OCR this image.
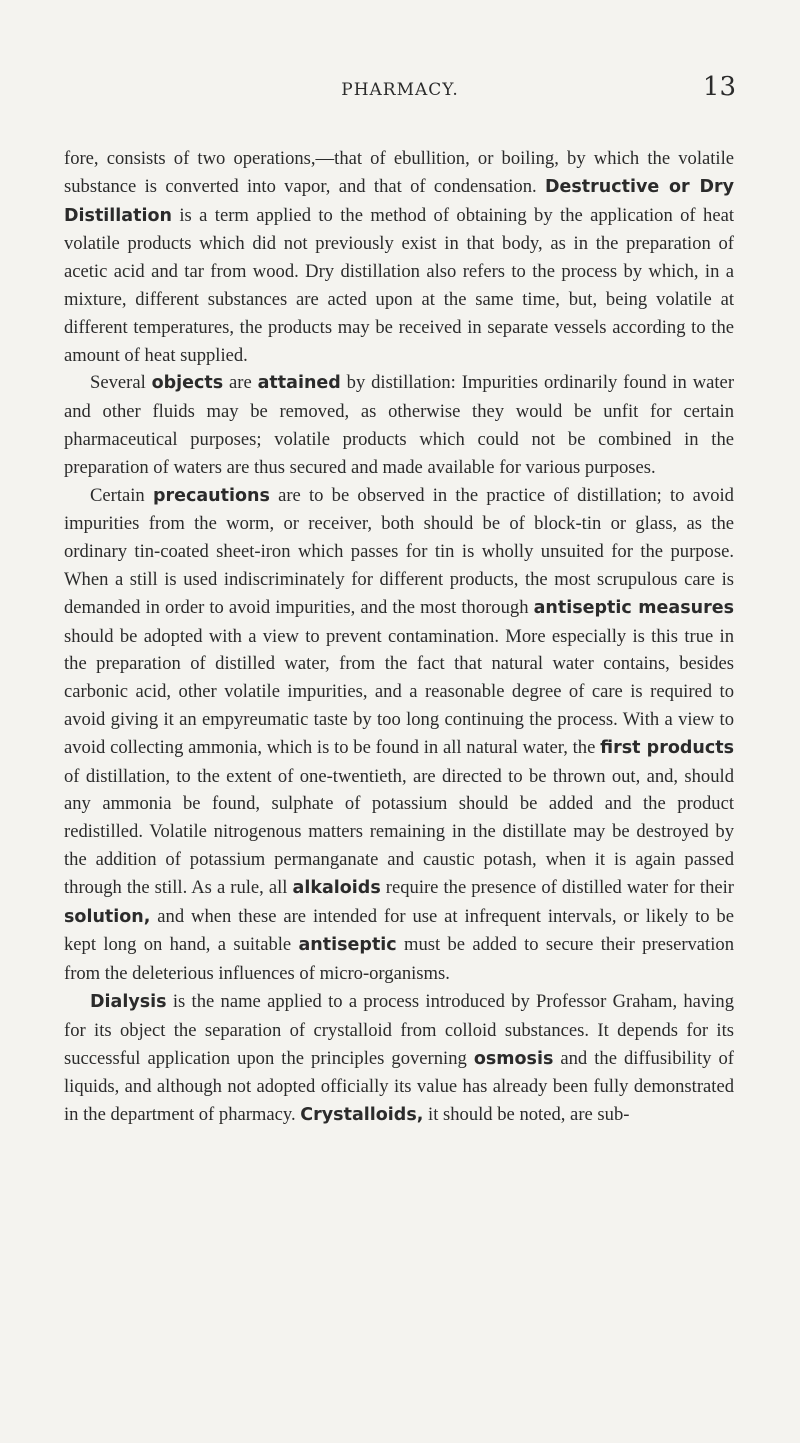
PHARMACY.	13

fore, consists of two operations,—that of ebullition, or boiling, by which the volatile substance is converted into vapor, and that of condensation. Destructive or Dry Distillation is a term applied to the method of obtaining by the application of heat volatile products which did not previously exist in that body, as in the preparation of acetic acid and tar from wood. Dry distillation also refers to the process by which, in a mixture, different substances are acted upon at the same time, but, being volatile at different temperatures, the products may be received in separate vessels according to the amount of heat supplied.

Several objects are attained by distillation: Impurities ordinarily found in water and other fluids may be removed, as otherwise they would be unfit for certain pharmaceutical purposes; volatile products which could not be combined in the preparation of waters are thus secured and made available for various purposes.

Certain precautions are to be observed in the practice of distillation; to avoid impurities from the worm, or receiver, both should be of block-tin or glass, as the ordinary tin-coated sheet-iron which passes for tin is wholly unsuited for the purpose. When a still is used indiscriminately for different products, the most scrupulous care is demanded in order to avoid impurities, and the most thorough antiseptic measures should be adopted with a view to prevent contamination. More especially is this true in the preparation of distilled water, from the fact that natural water contains, besides carbonic acid, other volatile impurities, and a reasonable degree of care is required to avoid giving it an empyreumatic taste by too long continuing the process. With a view to avoid collecting ammonia, which is to be found in all natural water, the first products of distillation, to the extent of one-twentieth, are directed to be thrown out, and, should any ammonia be found, sulphate of potassium should be added and the product redistilled. Volatile nitrogenous matters remaining in the distillate may be destroyed by the addition of potassium permanganate and caustic potash, when it is again passed through the still. As a rule, all alkaloids require the presence of distilled water for their solution, and when these are intended for use at infrequent intervals, or likely to be kept long on hand, a suitable antiseptic must be added to secure their preservation from the deleterious influences of micro-organisms.

Dialysis is the name applied to a process introduced by Professor Graham, having for its object the separation of crystalloid from colloid substances. It depends for its successful application upon the principles governing osmosis and the diffusibility of liquids, and although not adopted officially its value has already been fully demonstrated in the department of pharmacy. Crystalloids, it should be noted, are sub-
